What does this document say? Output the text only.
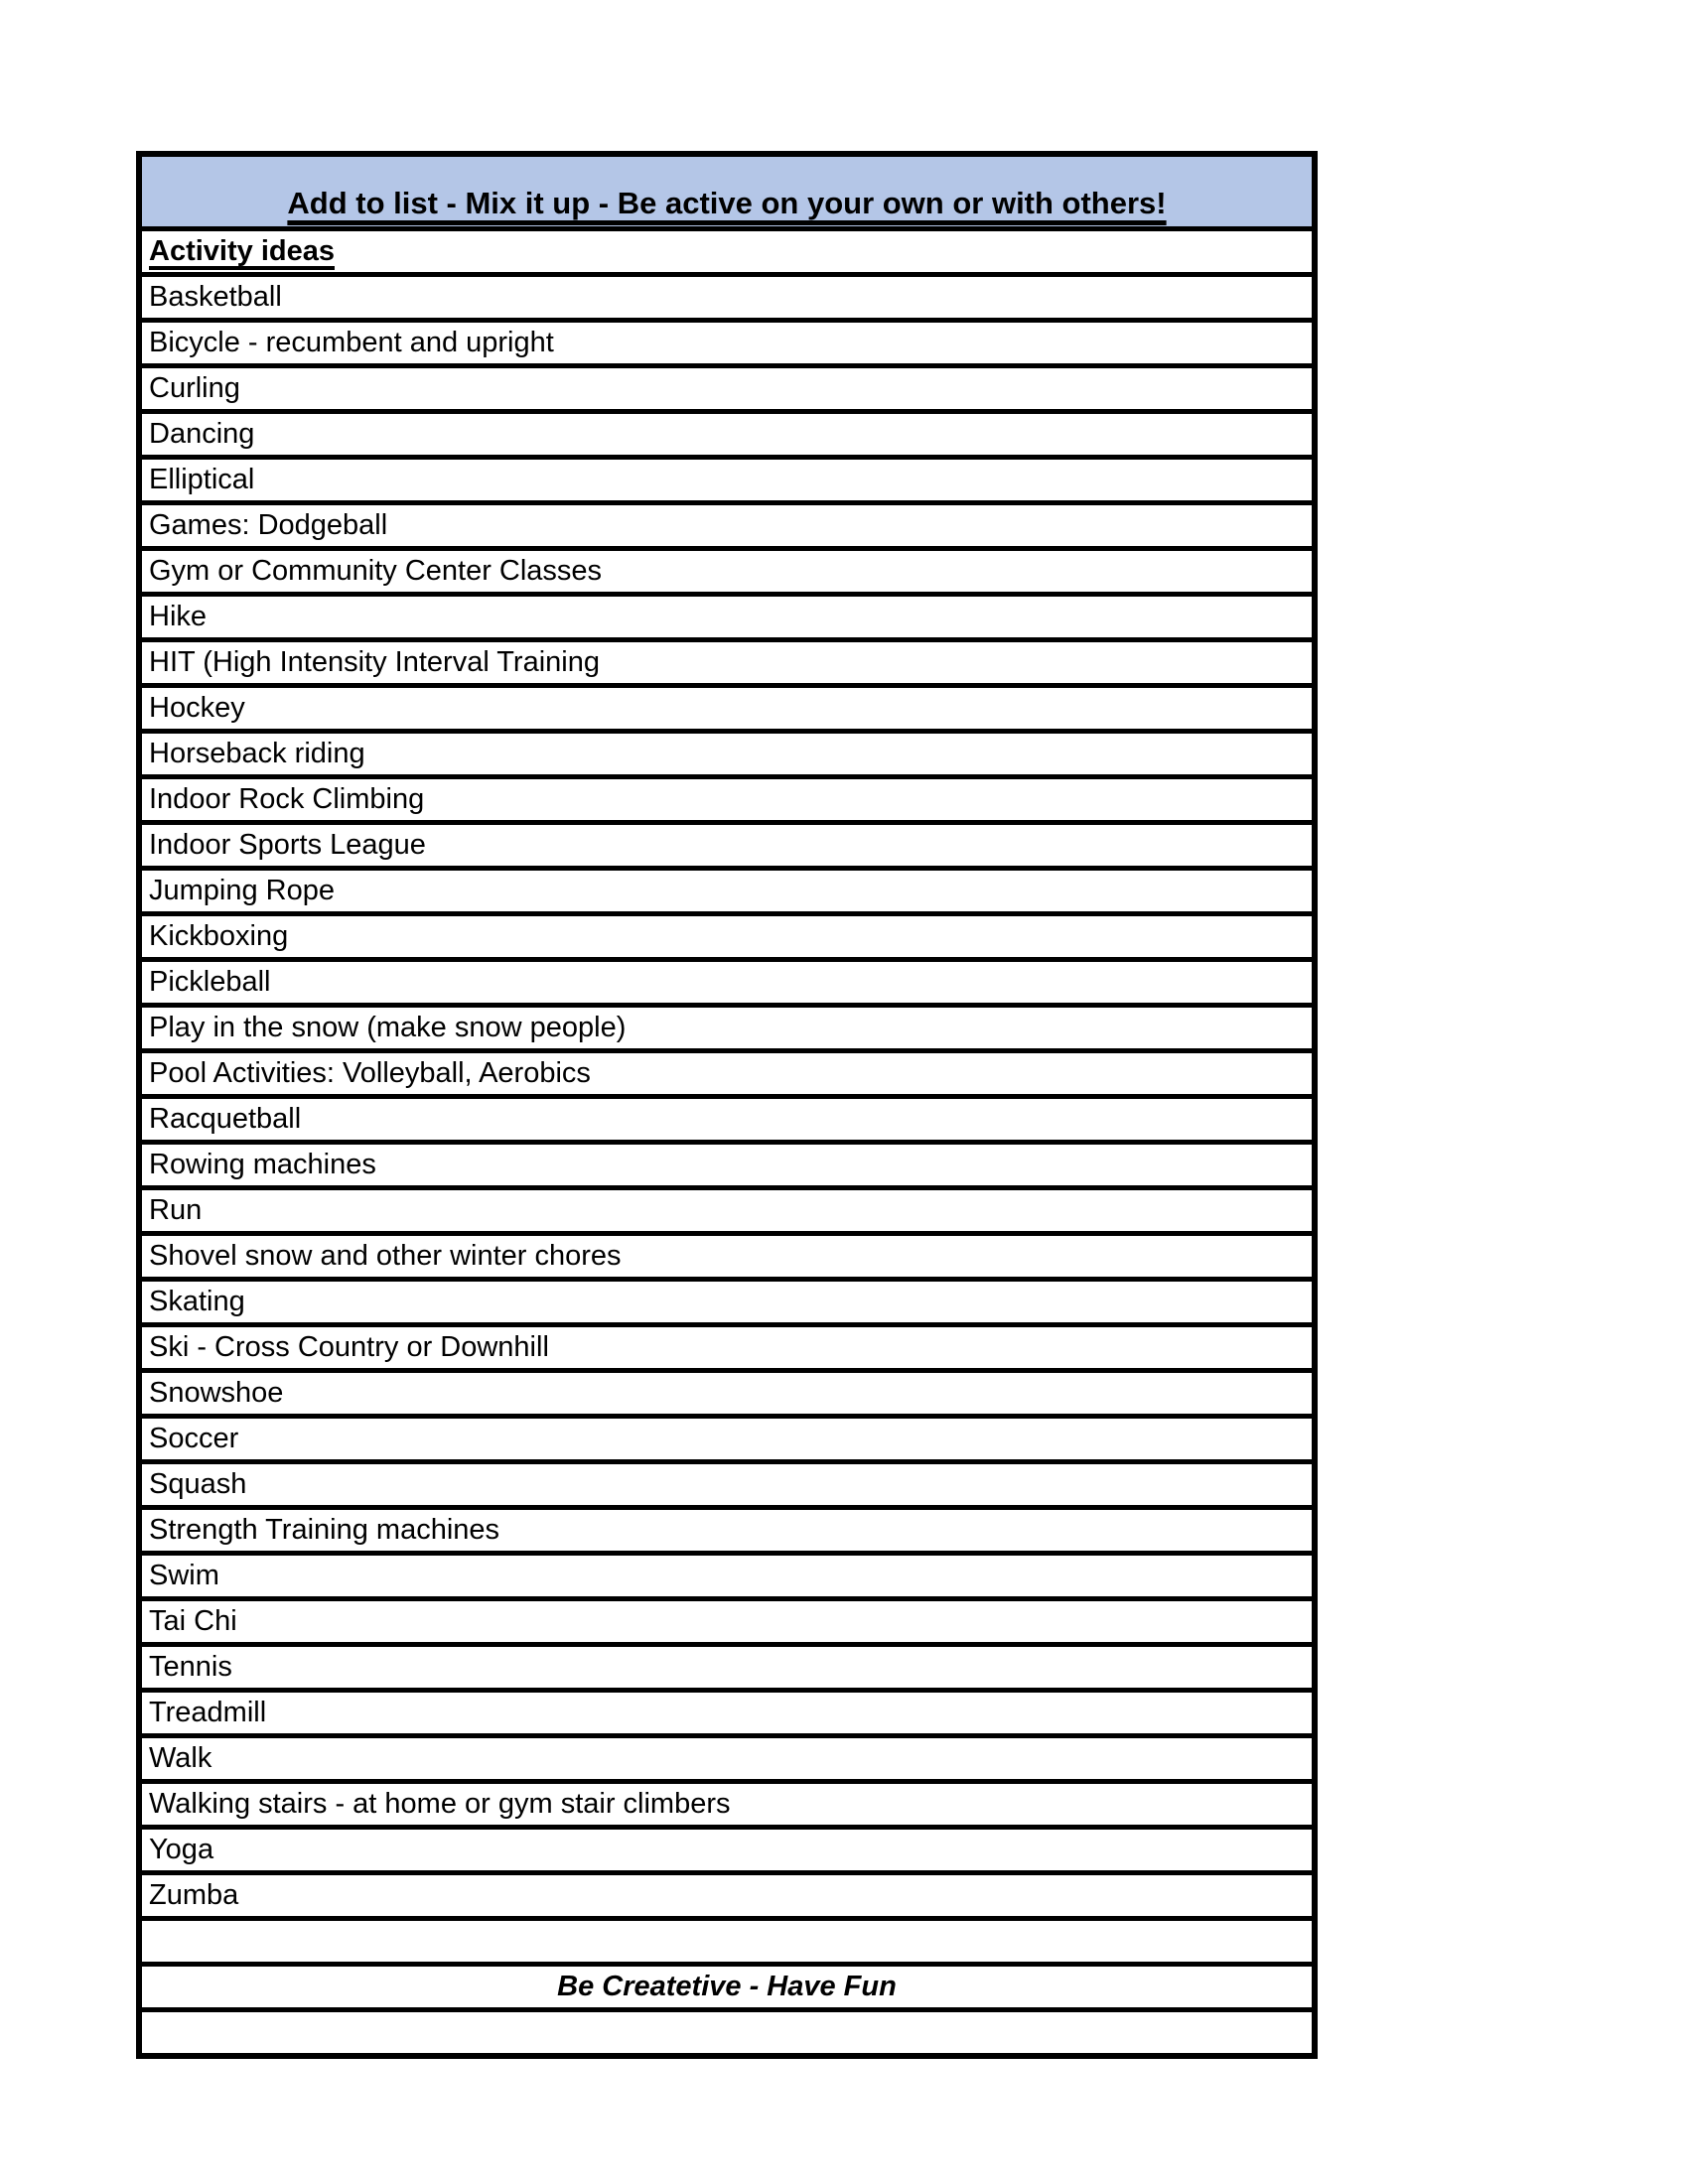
Add to list - Mix it up - Be active on your own or with others!
Activity ideas
Basketball
Bicycle - recumbent and upright
Curling
Dancing
Elliptical
Games: Dodgeball
Gym or Community Center Classes
Hike
HIT (High Intensity Interval Training
Hockey
Horseback riding
Indoor Rock Climbing
Indoor Sports League
Jumping Rope
Kickboxing
Pickleball
Play in the snow (make snow people)
Pool Activities: Volleyball, Aerobics
Racquetball
Rowing machines
Run
Shovel snow and other winter chores
Skating
Ski - Cross Country or Downhill
Snowshoe
Soccer
Squash
Strength Training machines
Swim
Tai Chi
Tennis
Treadmill
Walk
Walking stairs - at home or gym stair climbers
Yoga
Zumba
Be Createtive - Have Fun
